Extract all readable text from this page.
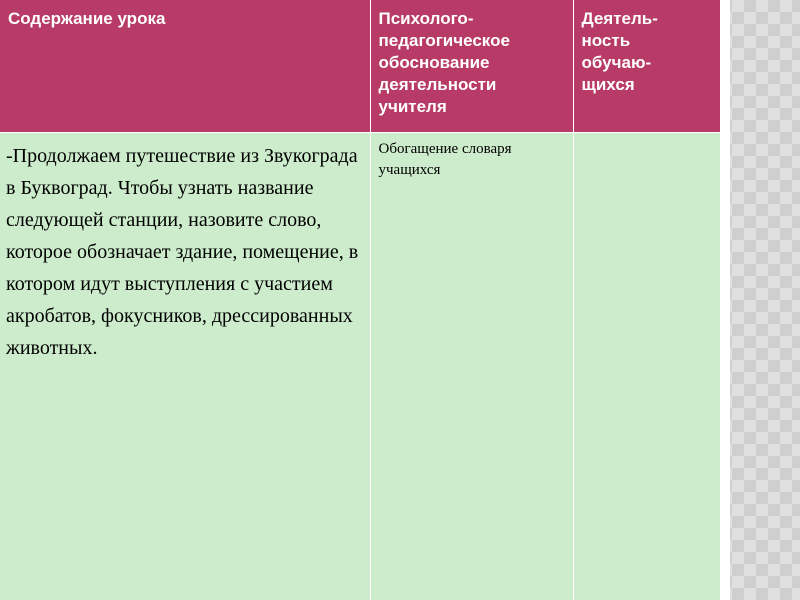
Содержание урока	Психолого-
педагогическое
обоснование
деятельности
учителя	Деятель-
ность
обучаю-
щихся

-Продолжаем путешествие из Звукограда в Буквоград. Чтобы узнать название следующей станции, назовите слово, которое обозначает здание, помещение, в котором идут выступления с участием акробатов, фокусников, дрессированных животных.	Обогащение словаря учащихся	
